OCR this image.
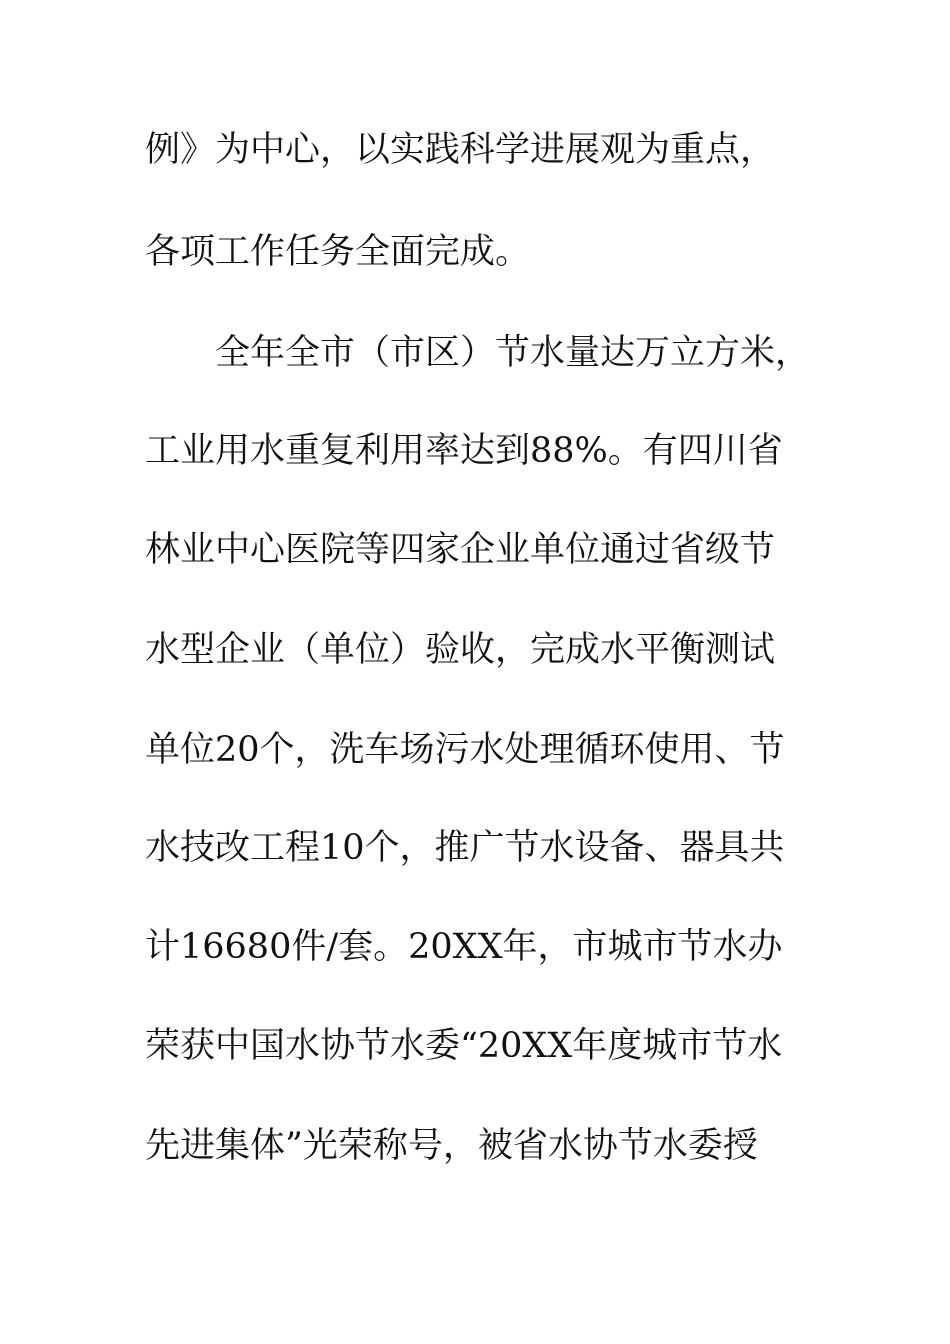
例》为中心，以实践科学进展观为重点，
各项工作任务全面完成。
全年全市（市区）节水量达万立方米，
工业用水重复利用率达到88%。有四川省
林业中心医院等四家企业单位通过省级节
水型企业（单位）验收，完成水平衡测试
单位20个，洗车场污水处理循环使用、节
水技改工程10个，推广节水设备、器具共
计16680件/套。20XX年，市城市节水办
荣获中国水协节水委“20XX年度城市节水
先进集体”光荣称号，被省水协节水委授
